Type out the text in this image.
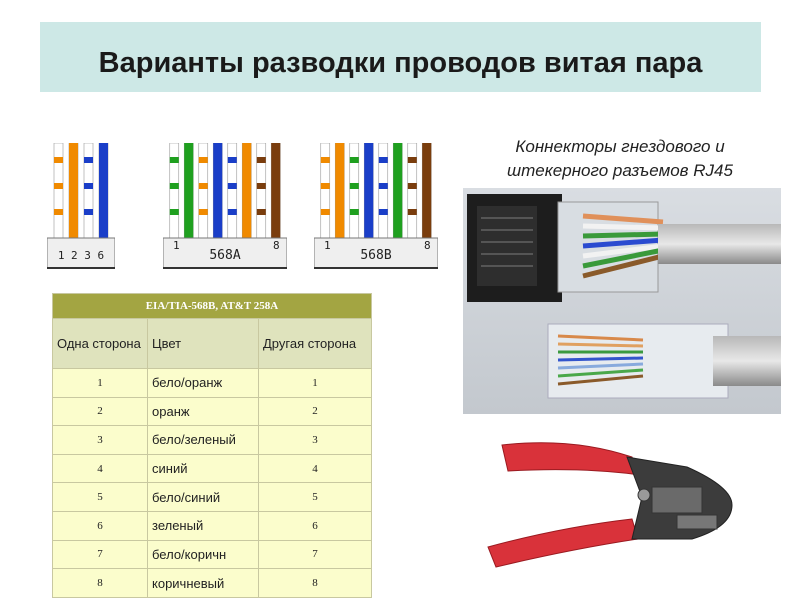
Варианты разводки проводов витая пара
1 2 3 6	568A
1	8
568B
1	8
Коннекторы гнездового и
штекерного разъемов RJ45
EIA/TIA-568B, AT&T 258A		
Одна сторона	Цвет	Другая сторона
1	бело/оранж	1
2	оранж	2
3	бело/зеленый	3
4	синий	4
5	бело/синий	5
6	зеленый	6
7	бело/коричн	7
8	коричневый	8
